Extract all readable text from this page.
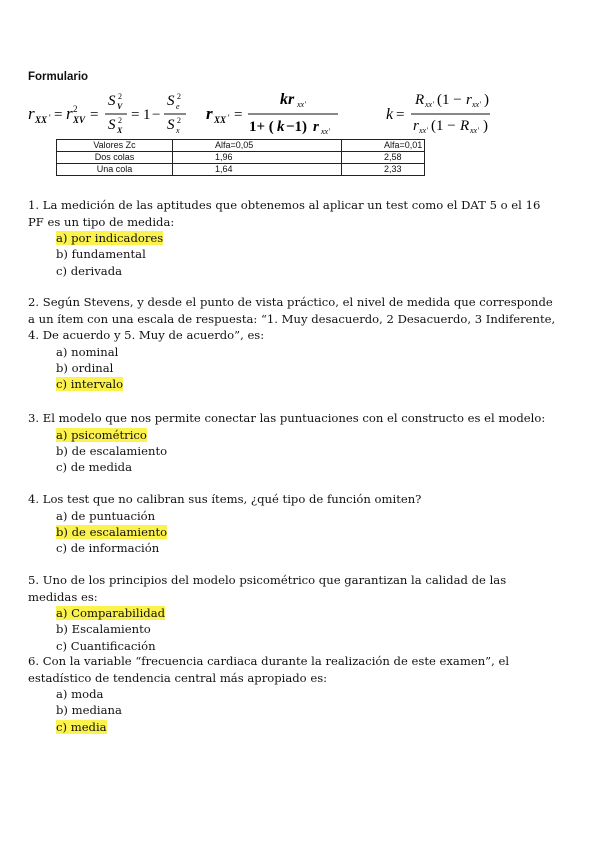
Formulario
r XX ' = r 2
XV =
S 2
V
S 2
X
= 1 −
S 2
e
S 2
x
r XX ' =
kr xx'
1+ ( k −1) r xx'
k =
R xx' (1 − r xx' )
r xx' (1 − R xx' )
Valores Zc	Alfa=0,05	Alfa=0,01
Dos colas	1,96	2,58
Una cola	1,64	2,33

1. La medición de las aptitudes que obtenemos al aplicar un test como el DAT 5 o el 16 PF es un tipo de medida:

a) por indicadores
b) fundamental
c) derivada

2. Según Stevens, y desde el punto de vista práctico, el nivel de medida que corresponde a un ítem con una escala de respuesta: “1. Muy desacuerdo, 2 Desacuerdo, 3 Indiferente, 4. De acuerdo y 5. Muy de acuerdo”, es:

a) nominal
b) ordinal
c) intervalo

3. El modelo que nos permite conectar las puntuaciones con el constructo es el modelo:

a) psicométrico
b) de escalamiento
c) de medida

4. Los test que no calibran sus ítems, ¿qué tipo de función omiten?

a) de puntuación
b) de escalamiento
c) de información

5. Uno de los principios del modelo psicométrico que garantizan la calidad de las medidas es:

a) Comparabilidad
b) Escalamiento
c) Cuantificación

6. Con la variable “frecuencia cardiaca durante la realización de este examen”, el estadístico de tendencia central más apropiado es:

a) moda
b) mediana
c) media
